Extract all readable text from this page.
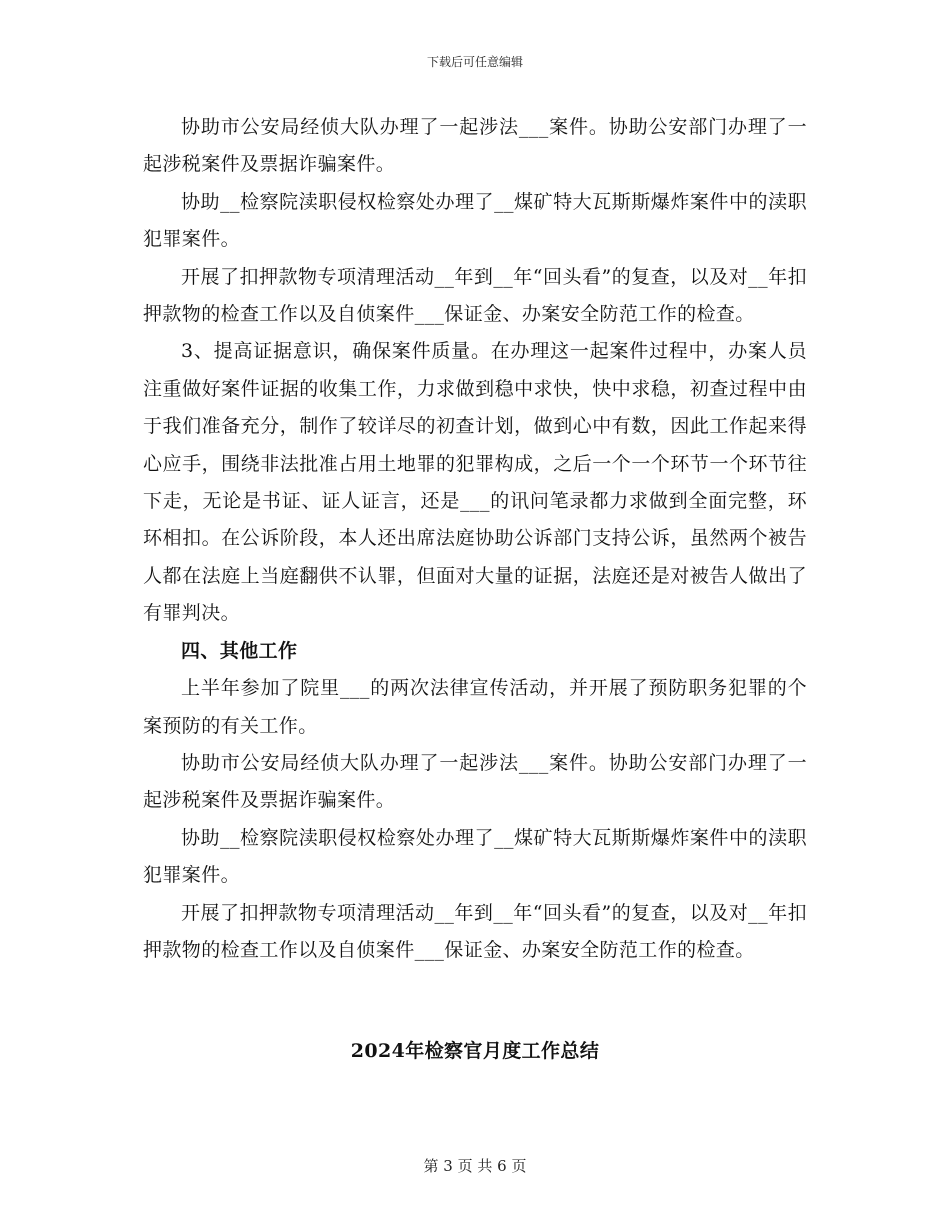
下载后可任意编辑

协助市公安局经侦大队办理了一起涉法___案件。协助公安部门办理了一起涉税案件及票据诈骗案件。

协助__检察院渎职侵权检察处办理了__煤矿特大瓦斯斯爆炸案件中的渎职犯罪案件。

开展了扣押款物专项清理活动__年到__年“回头看”的复查，以及对__年扣押款物的检查工作以及自侦案件___保证金、办案安全防范工作的检查。

3、提高证据意识，确保案件质量。在办理这一起案件过程中，办案人员注重做好案件证据的收集工作，力求做到稳中求快，快中求稳，初查过程中由于我们准备充分，制作了较详尽的初查计划，做到心中有数，因此工作起来得心应手，围绕非法批准占用土地罪的犯罪构成，之后一个一个环节一个环节往下走，无论是书证、证人证言，还是___的讯问笔录都力求做到全面完整，环环相扣。在公诉阶段，本人还出席法庭协助公诉部门支持公诉，虽然两个被告人都在法庭上当庭翻供不认罪，但面对大量的证据，法庭还是对被告人做出了有罪判决。

四、其他工作

上半年参加了院里___的两次法律宣传活动，并开展了预防职务犯罪的个案预防的有关工作。

协助市公安局经侦大队办理了一起涉法___案件。协助公安部门办理了一起涉税案件及票据诈骗案件。

协助__检察院渎职侵权检察处办理了__煤矿特大瓦斯斯爆炸案件中的渎职犯罪案件。

开展了扣押款物专项清理活动__年到__年“回头看”的复查，以及对__年扣押款物的检查工作以及自侦案件___保证金、办案安全防范工作的检查。

2024年检察官月度工作总结
第 3 页 共 6 页
